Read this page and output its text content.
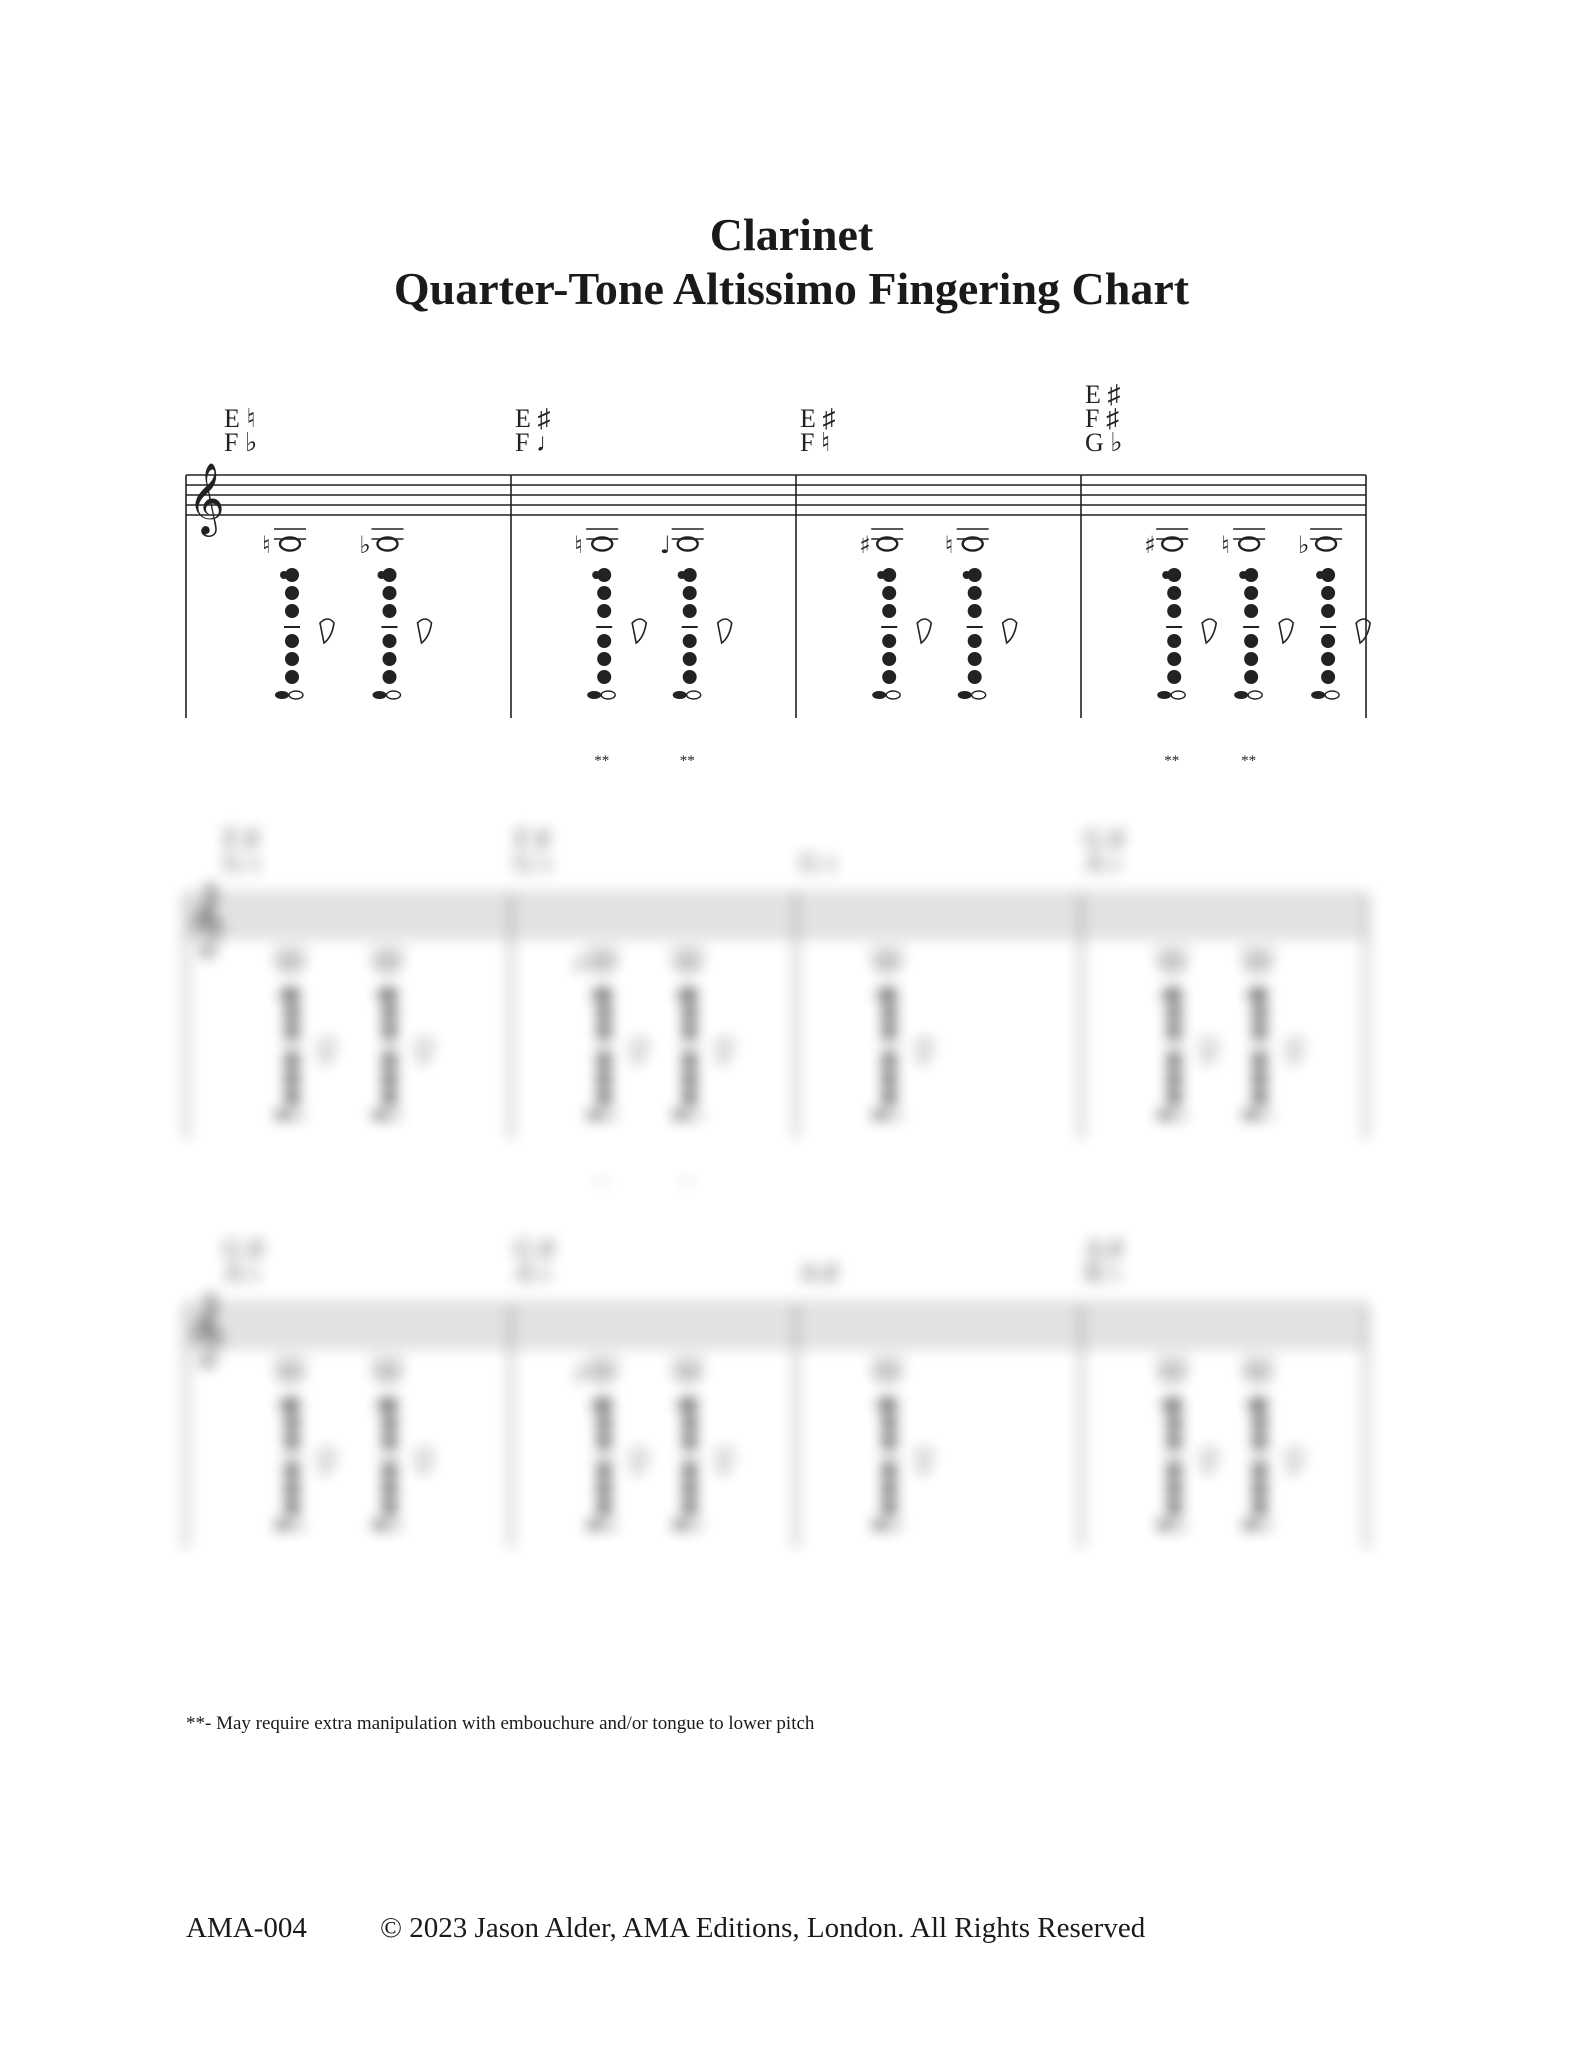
Clarinet
Quarter-Tone Altissimo Fingering Chart
𝄞
E ♮
F ♭
♮	♭
E ♯
F ♩
♮
**
♩
**
E ♯
F ♮
♯	♮
E ♯
F ♯
G ♭
♯
**
♮
**
♭
𝄞
F ♯
G ♭
F ♯
G ♭
♯
—	—
G ♭
G ♯
A ♭
𝄞
G ♯
A ♭
G ♯
A ♭
♯
A ♯
A ♯
B ♭
**- May require extra manipulation with embouchure and/or tongue to lower pitch
AMA-004	© 2023 Jason Alder, AMA Editions, London. All Rights Reserved
